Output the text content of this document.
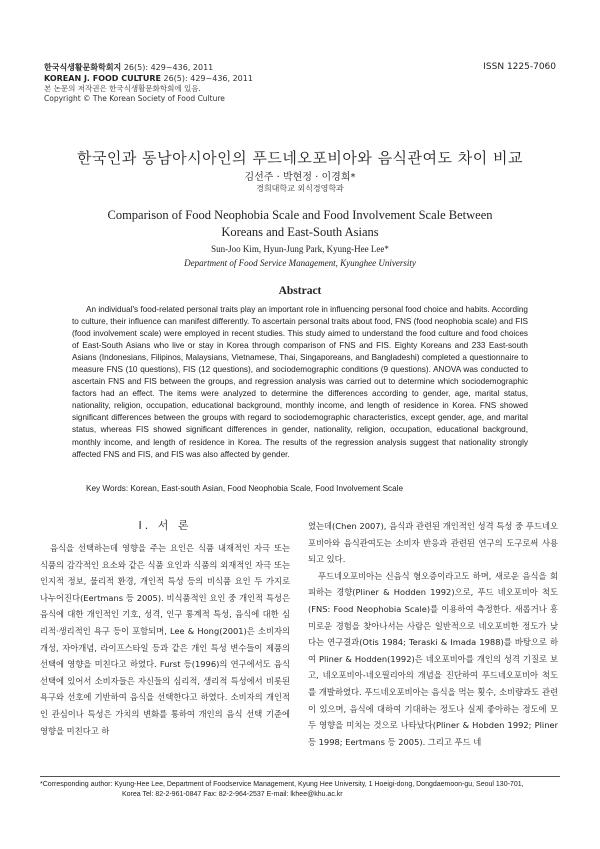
한국식생활문화학회지 26(5): 429~436, 2011
KOREAN J. FOOD CULTURE 26(5): 429~436, 2011
본 논문의 저작권은 한국식생활문화학회에 있음.
Copyright © The Korean Society of Food Culture
ISSN 1225-7060
한국인과 동남아시아인의 푸드네오포비아와 음식관여도 차이 비교
김선주 · 박현정 · 이경희*
경희대학교 외식경영학과
Comparison of Food Neophobia Scale and Food Involvement Scale Between
Koreans and East-South Asians
Sun-Joo Kim, Hyun-Jung Park, Kyung-Hee Lee*
Department of Food Service Management, Kyunghee University
Abstract
An individual's food-related personal traits play an important role in influencing personal food choice and habits. According to culture, their influence can manifest differently. To ascertain personal traits about food, FNS (food neophobia scale) and FIS (food involvement scale) were employed in recent studies. This study aimed to understand the food culture and food choices of East-South Asians who live or stay in Korea through comparison of FNS and FIS. Eighty Koreans and 233 East-south Asians (Indonesians, Filipinos, Malaysians, Vietnamese, Thai, Singaporeans, and Bangladeshi) completed a questionnaire to measure FNS (10 questions), FIS (12 questions), and sociodemographic conditions (9 questions). ANOVA was conducted to ascertain FNS and FIS between the groups, and regression analysis was carried out to determine which sociodemographic factors had an effect. The items were analyzed to determine the differences according to gender, age, marital status, nationality, religion, occupation, educational background, monthly income, and length of residence in Korea. FNS showed significant differences between the groups with regard to sociodemographic characteristics, except gender, age, and marital status, whereas FIS showed significant differences in gender, nationality, religion, occupation, educational background, monthly income, and length of residence in Korea. The results of the regression analysis suggest that nationality strongly affected FNS and FIS, and FIS was also affected by gender.
Key Words: Korean, East-south Asian, Food Neophobia Scale, Food Involvement Scale
I. 서 론

음식을 선택하는데 영향을 주는 요인은 식품 내재적인 자극 또는 식품의 감각적인 요소와 같은 식품 요인과 식품의 외재적인 자극 또는 인지적 정보, 물리적 환경, 개인적 특성 등의 비식품 요인 두 가지로 나누어진다(Eertmans 등 2005). 비식품적인 요인 중 개인적 특성은 음식에 대한 개인적인 기호, 성격, 인구 통계적 특성, 음식에 대한 심리적·생리적인 욕구 등이 포함되며, Lee & Hong(2001)은 소비자의 개성, 자아개념, 라이프스타일 등과 같은 개인 특성 변수들이 제품의 선택에 영향을 미친다고 하였다. Furst 등(1996)의 연구에서도 음식 선택에 있어서 소비자들은 자신들의 심리적, 생리적 특성에서 비롯된 욕구와 선호에 기반하여 음식을 선택한다고 하였다. 소비자의 개인적인 관심이나 특성은 가치의 변화를 통하여 개인의 음식 선택 기준에 영향을 미친다고 하

였는데(Chen 2007), 음식과 관련된 개인적인 성격 특성 중 푸드네오포비아와 음식관여도는 소비자 반응과 관련된 연구의 도구로써 사용되고 있다.

푸드네오포비아는 신음식 혐오증이라고도 하며, 새로운 음식을 회피하는 경향(Pliner & Hodden 1992)으로, 푸드 네오포비아 척도(FNS: Food Neophobia Scale)를 이용하여 측정한다. 새롭거나 흥미로운 경험을 찾아나서는 사람은 일반적으로 네오포비한 정도가 낮다는 연구결과(Otis 1984; Teraski & Imada 1988)를 바탕으로 하여 Pliner & Hodden(1992)은 네오포비아를 개인의 성격 기질로 보고, 네오포비아-네오필리아의 개념을 진단하여 푸드네오포비아 척도를 개발하였다. 푸드네오포비아는 음식을 먹는 횟수, 소비량과도 관련이 있으며, 음식에 대하여 기대하는 정도나 실제 좋아하는 정도에 모두 영향을 미치는 것으로 나타났다(Pliner & Hobden 1992; Pliner 등 1998; Eertmans 등 2005). 그리고 푸드 네

*Corresponding author: Kyung-Hee Lee, Department of Foodservice Management, Kyung Hee University, 1 Hoeigi-dong, Dongdaemoon-gu, Seoul 130-701,
Korea Tel: 82-2-961-0847 Fax: 82-2-964-2537 E-mail: lkhee@khu.ac.kr
